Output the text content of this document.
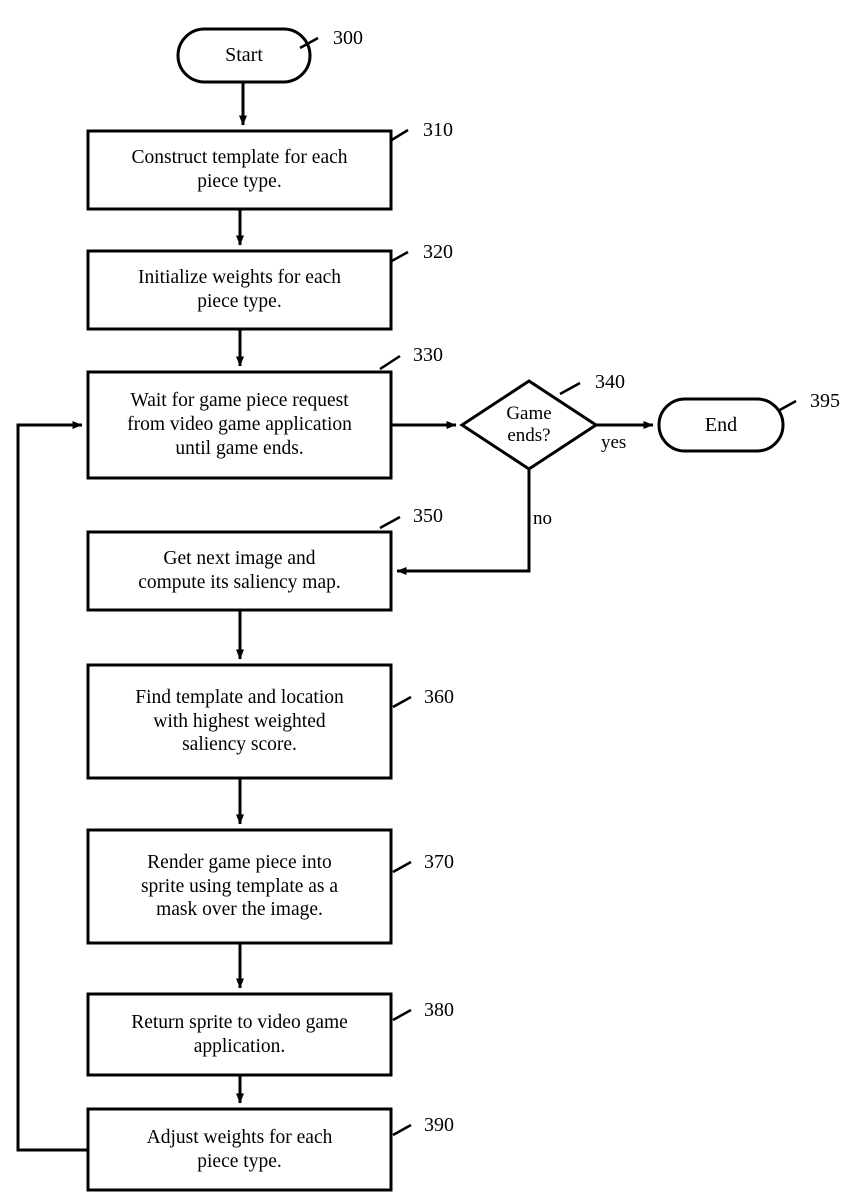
Start
Construct template for each
piece type.
Initialize weights for each
piece type.
Wait for game piece request
from video game application
until game ends.
Game
ends?	End
Get next image and
compute its saliency map.
Find template and location
with highest weighted
saliency score.
Render game piece into
sprite using template as a
mask over the image.
Return sprite to video game
application.
Adjust weights for each
piece type.
300
310
320
330
340
395
350
360
370
380
390
yes
no
